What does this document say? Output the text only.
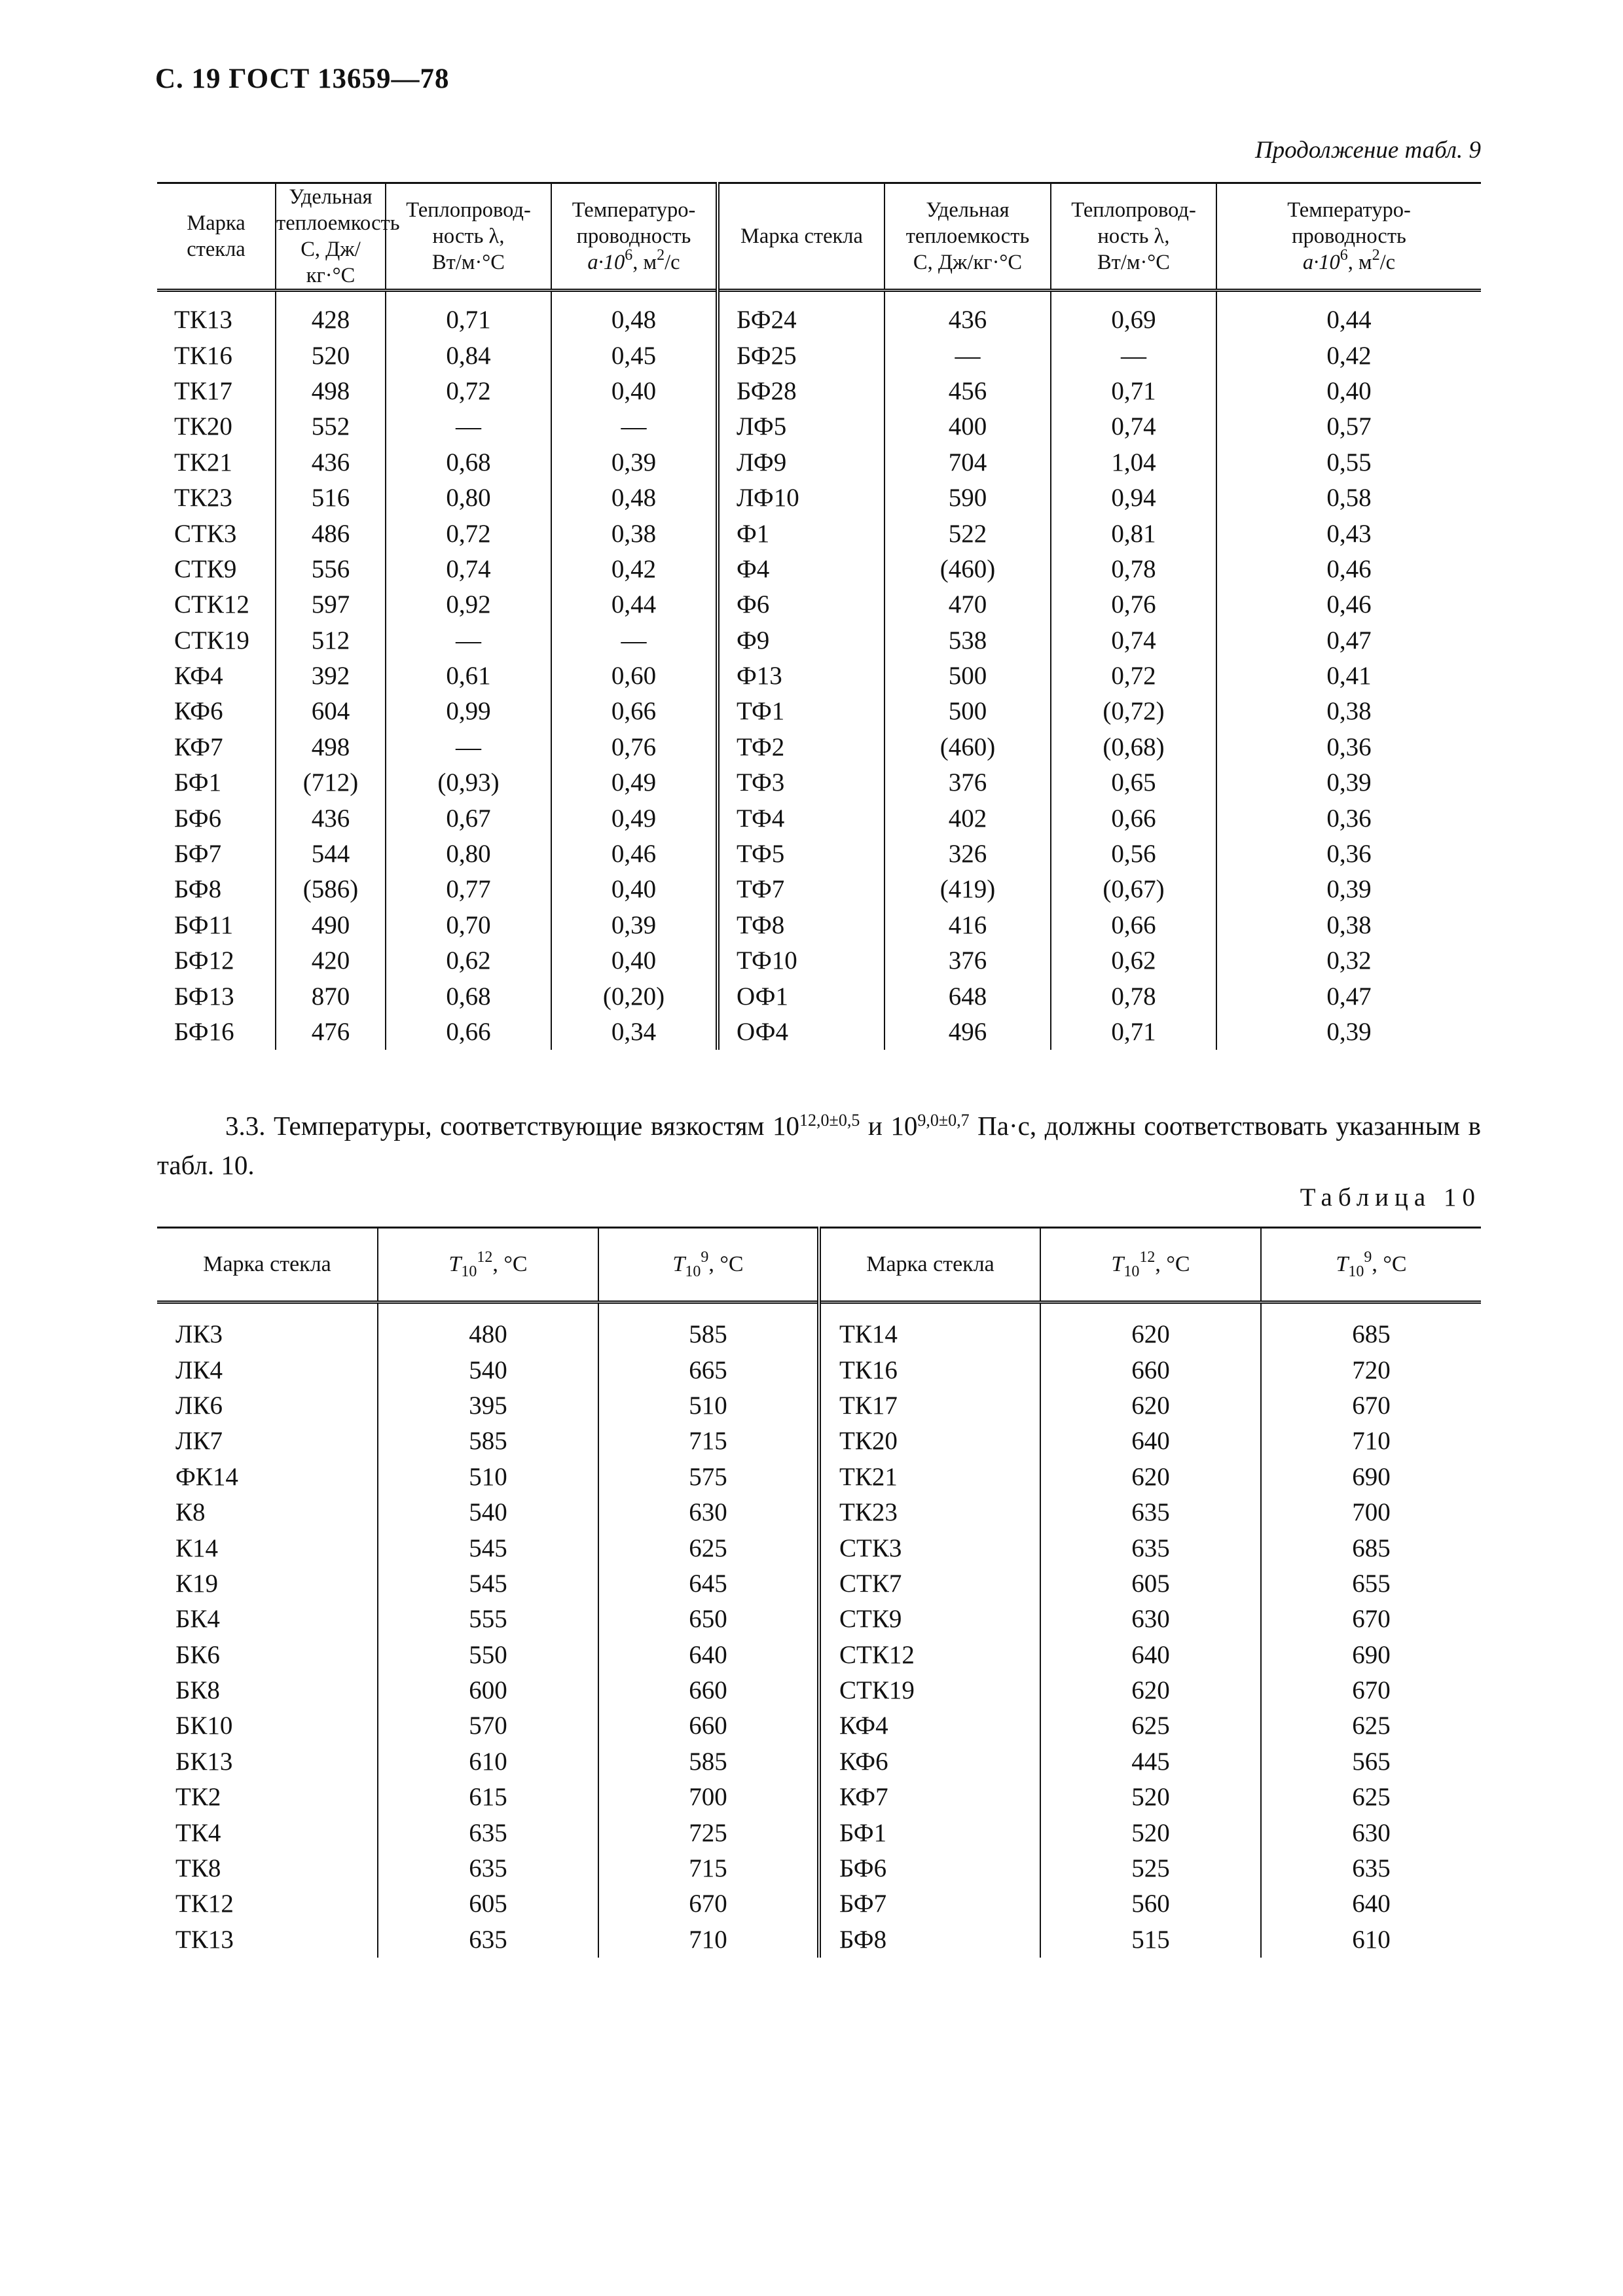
С. 19 ГОСТ 13659—78
Продолжение табл. 9
Марка стекла	Удельная
теплоемкость
С, Дж/кг·°С	Теплопровод-
ность λ,
Вт/м·°С	Температуро-
проводность
$а\cdot 10^6$, $м^2/с$	Марка стекла	Удельная
теплоемкость
С, Дж/кг·°С	Теплопровод-
ность λ,
Вт/м·°С	Температуро-
проводность
$а\cdot 10^6$, $м^2/с$

ТК13	428	0,71	0,48	БФ24	436	0,69	0,44
ТК16	520	0,84	0,45	БФ25	—	—	0,42
ТК17	498	0,72	0,40	БФ28	456	0,71	0,40
ТК20	552	—	—	ЛФ5	400	0,74	0,57
ТК21	436	0,68	0,39	ЛФ9	704	1,04	0,55
ТК23	516	0,80	0,48	ЛФ10	590	0,94	0,58
СТК3	486	0,72	0,38	Ф1	522	0,81	0,43
СТК9	556	0,74	0,42	Ф4	(460)	0,78	0,46
СТК12	597	0,92	0,44	Ф6	470	0,76	0,46
СТК19	512	—	—	Ф9	538	0,74	0,47
КФ4	392	0,61	0,60	Ф13	500	0,72	0,41
КФ6	604	0,99	0,66	ТФ1	500	(0,72)	0,38
КФ7	498	—	0,76	ТФ2	(460)	(0,68)	0,36
БФ1	(712)	(0,93)	0,49	ТФ3	376	0,65	0,39
БФ6	436	0,67	0,49	ТФ4	402	0,66	0,36
БФ7	544	0,80	0,46	ТФ5	326	0,56	0,36
БФ8	(586)	0,77	0,40	ТФ7	(419)	(0,67)	0,39
БФ11	490	0,70	0,39	ТФ8	416	0,66	0,38
БФ12	420	0,62	0,40	ТФ10	376	0,62	0,32
БФ13	870	0,68	(0,20)	ОФ1	648	0,78	0,47
БФ16	476	0,66	0,34	ОФ4	496	0,71	0,39
3.3. Температуры, соответствующие вязкостям $10^{12,0\pm 0,5}$ и $10^{9,0\pm 0,7}$ Па·с, должны соответствовать указанным в табл. 10.
Таблица 10
Марка стекла	$T_{10}^{12}$, °С	$T_{10}^9$, °С	Марка стекла	$T_{10}^{12}$, °С	$T_{10}^9$, °С

ЛК3	480	585	ТК14	620	685
ЛК4	540	665	ТК16	660	720
ЛК6	395	510	ТК17	620	670
ЛК7	585	715	ТК20	640	710
ФК14	510	575	ТК21	620	690
К8	540	630	ТК23	635	700
К14	545	625	СТК3	635	685
К19	545	645	СТК7	605	655
БК4	555	650	СТК9	630	670
БК6	550	640	СТК12	640	690
БК8	600	660	СТК19	620	670
БК10	570	660	КФ4	625	625
БК13	610	585	КФ6	445	565
ТК2	615	700	КФ7	520	625
ТК4	635	725	БФ1	520	630
ТК8	635	715	БФ6	525	635
ТК12	605	670	БФ7	560	640
ТК13	635	710	БФ8	515	610
